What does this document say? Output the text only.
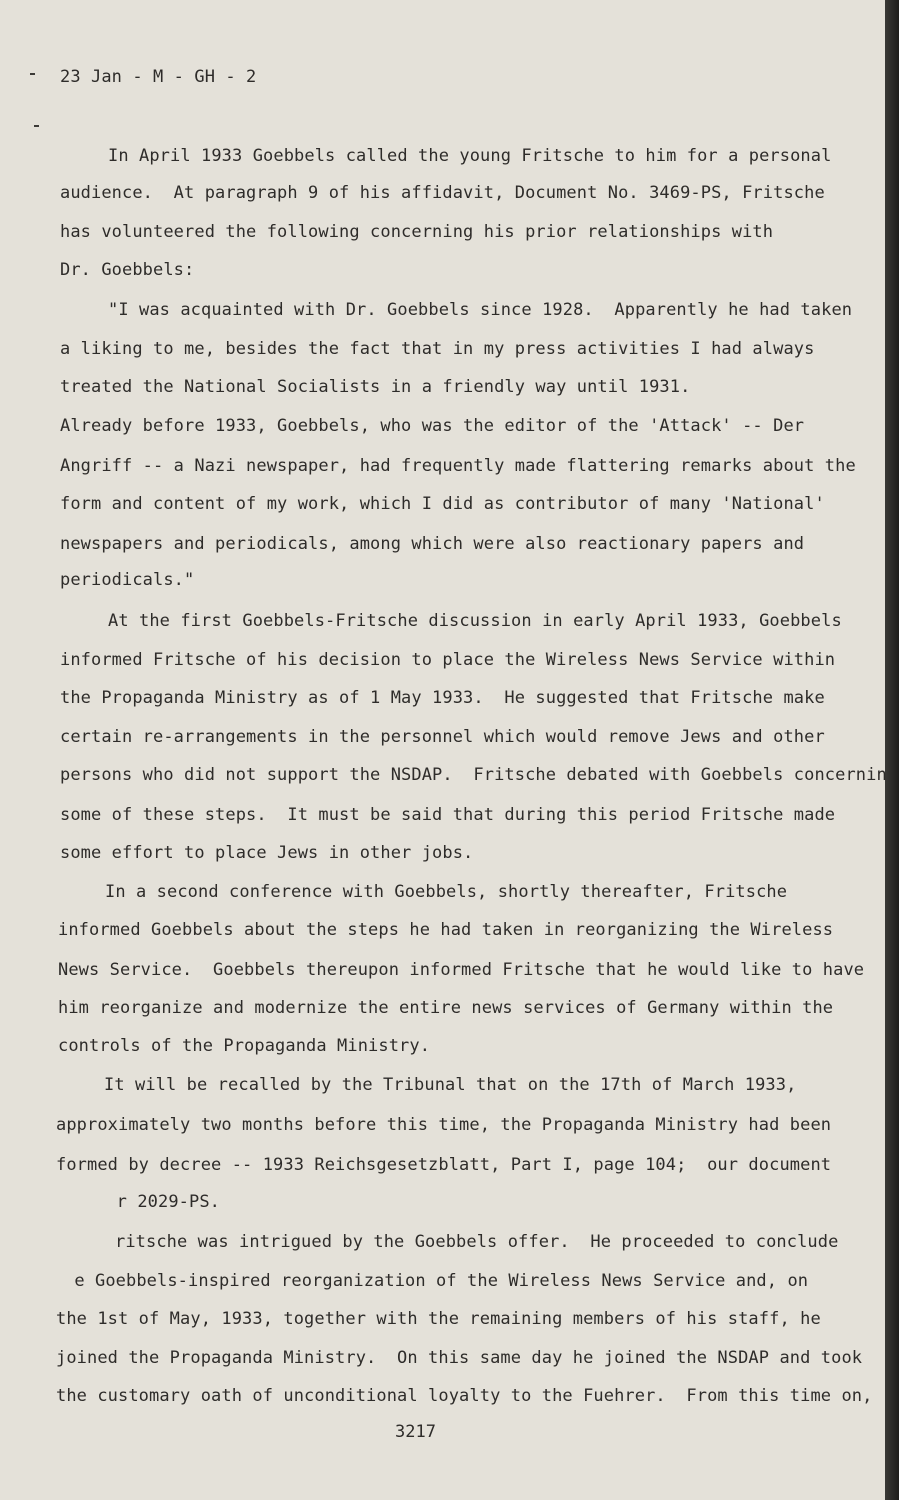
23 Jan - M - GH - 2
In April 1933 Goebbels called the young Fritsche to him for a personal
audience.  At paragraph 9 of his affidavit, Document No. 3469-PS, Fritsche
has volunteered the following concerning his prior relationships with
Dr. Goebbels:
"I was acquainted with Dr. Goebbels since 1928.  Apparently he had taken
a liking to me, besides the fact that in my press activities I had always
treated the National Socialists in a friendly way until 1931.
Already before 1933, Goebbels, who was the editor of the 'Attack' -- Der
Angriff -- a Nazi newspaper, had frequently made flattering remarks about the
form and content of my work, which I did as contributor of many 'National'
newspapers and periodicals, among which were also reactionary papers and
periodicals."
At the first Goebbels-Fritsche discussion in early April 1933, Goebbels
informed Fritsche of his decision to place the Wireless News Service within
the Propaganda Ministry as of 1 May 1933.  He suggested that Fritsche make
certain re-arrangements in the personnel which would remove Jews and other
persons who did not support the NSDAP.  Fritsche debated with Goebbels concernin
some of these steps.  It must be said that during this period Fritsche made
some effort to place Jews in other jobs.
In a second conference with Goebbels, shortly thereafter, Fritsche
informed Goebbels about the steps he had taken in reorganizing the Wireless
News Service.  Goebbels thereupon informed Fritsche that he would like to have
him reorganize and modernize the entire news services of Germany within the
controls of the Propaganda Ministry.
It will be recalled by the Tribunal that on the 17th of March 1933,
approximately two months before this time, the Propaganda Ministry had been
formed by decree -- 1933 Reichsgesetzblatt, Part I, page 104;  our document
r 2029-PS.
ritsche was intrigued by the Goebbels offer.  He proceeded to conclude
e Goebbels-inspired reorganization of the Wireless News Service and, on
the 1st of May, 1933, together with the remaining members of his staff, he
joined the Propaganda Ministry.  On this same day he joined the NSDAP and took
the customary oath of unconditional loyalty to the Fuehrer.  From this time on,
3217
